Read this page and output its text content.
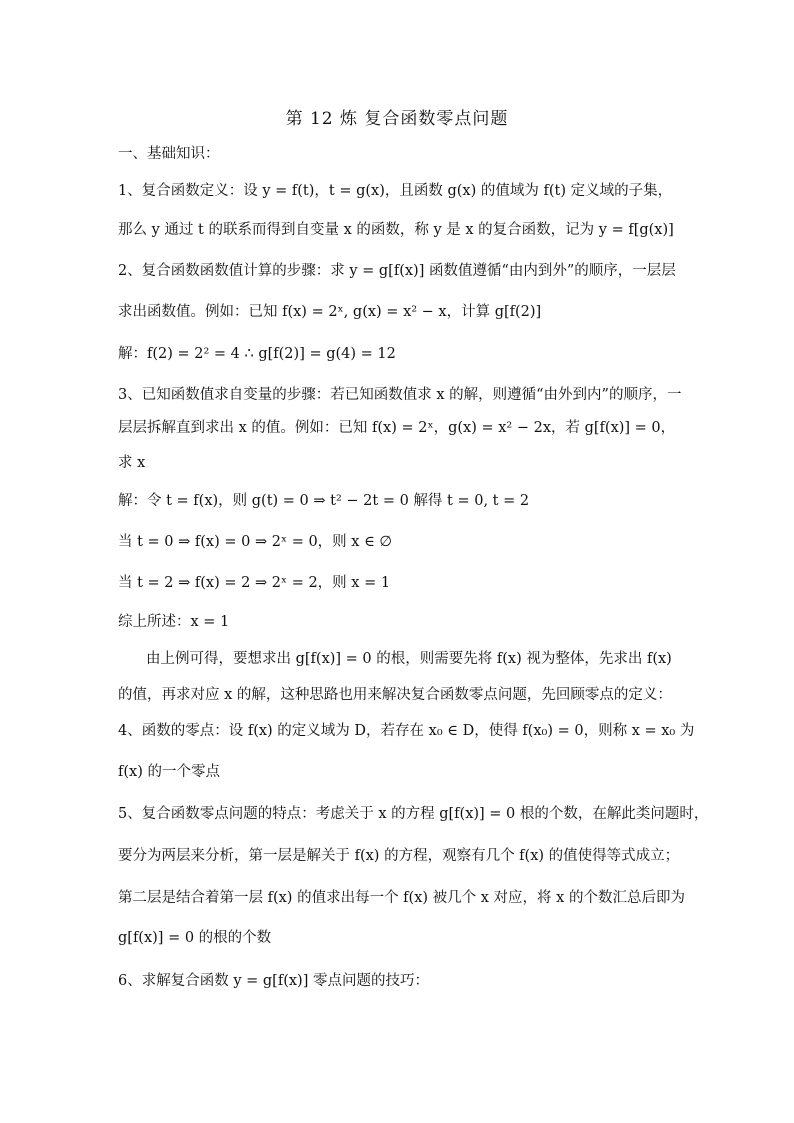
第 12 炼 复合函数零点问题
一、基础知识：
1、复合函数定义：设 y = f(t)，t = g(x)，且函数 g(x) 的值域为 f(t) 定义域的子集，
那么 y 通过 t 的联系而得到自变量 x 的函数，称 y 是 x 的复合函数，记为 y = f[g(x)]
2、复合函数函数值计算的步骤：求 y = g[f(x)] 函数值遵循“由内到外”的顺序，一层层
求出函数值。例如：已知 f(x) = 2ˣ, g(x) = x² − x，计算 g[f(2)]
解：f(2) = 2² = 4 ∴ g[f(2)] = g(4) = 12
3、已知函数值求自变量的步骤：若已知函数值求 x 的解，则遵循“由外到内”的顺序，一
层层拆解直到求出 x 的值。例如：已知 f(x) = 2ˣ，g(x) = x² − 2x，若 g[f(x)] = 0，
求 x
解：令 t = f(x)，则 g(t) = 0 ⇒ t² − 2t = 0 解得 t = 0, t = 2
当 t = 0 ⇒ f(x) = 0 ⇒ 2ˣ = 0，则 x ∈ ∅
当 t = 2 ⇒ f(x) = 2 ⇒ 2ˣ = 2，则 x = 1
综上所述：x = 1
由上例可得，要想求出 g[f(x)] = 0 的根，则需要先将 f(x) 视为整体，先求出 f(x)
的值，再求对应 x 的解，这种思路也用来解决复合函数零点问题，先回顾零点的定义：
4、函数的零点：设 f(x) 的定义域为 D，若存在 x₀ ∈ D，使得 f(x₀) = 0，则称 x = x₀ 为
f(x) 的一个零点
5、复合函数零点问题的特点：考虑关于 x 的方程 g[f(x)] = 0 根的个数，在解此类问题时，
要分为两层来分析，第一层是解关于 f(x) 的方程，观察有几个 f(x) 的值使得等式成立；
第二层是结合着第一层 f(x) 的值求出每一个 f(x) 被几个 x 对应，将 x 的个数汇总后即为
g[f(x)] = 0 的根的个数
6、求解复合函数 y = g[f(x)] 零点问题的技巧：
